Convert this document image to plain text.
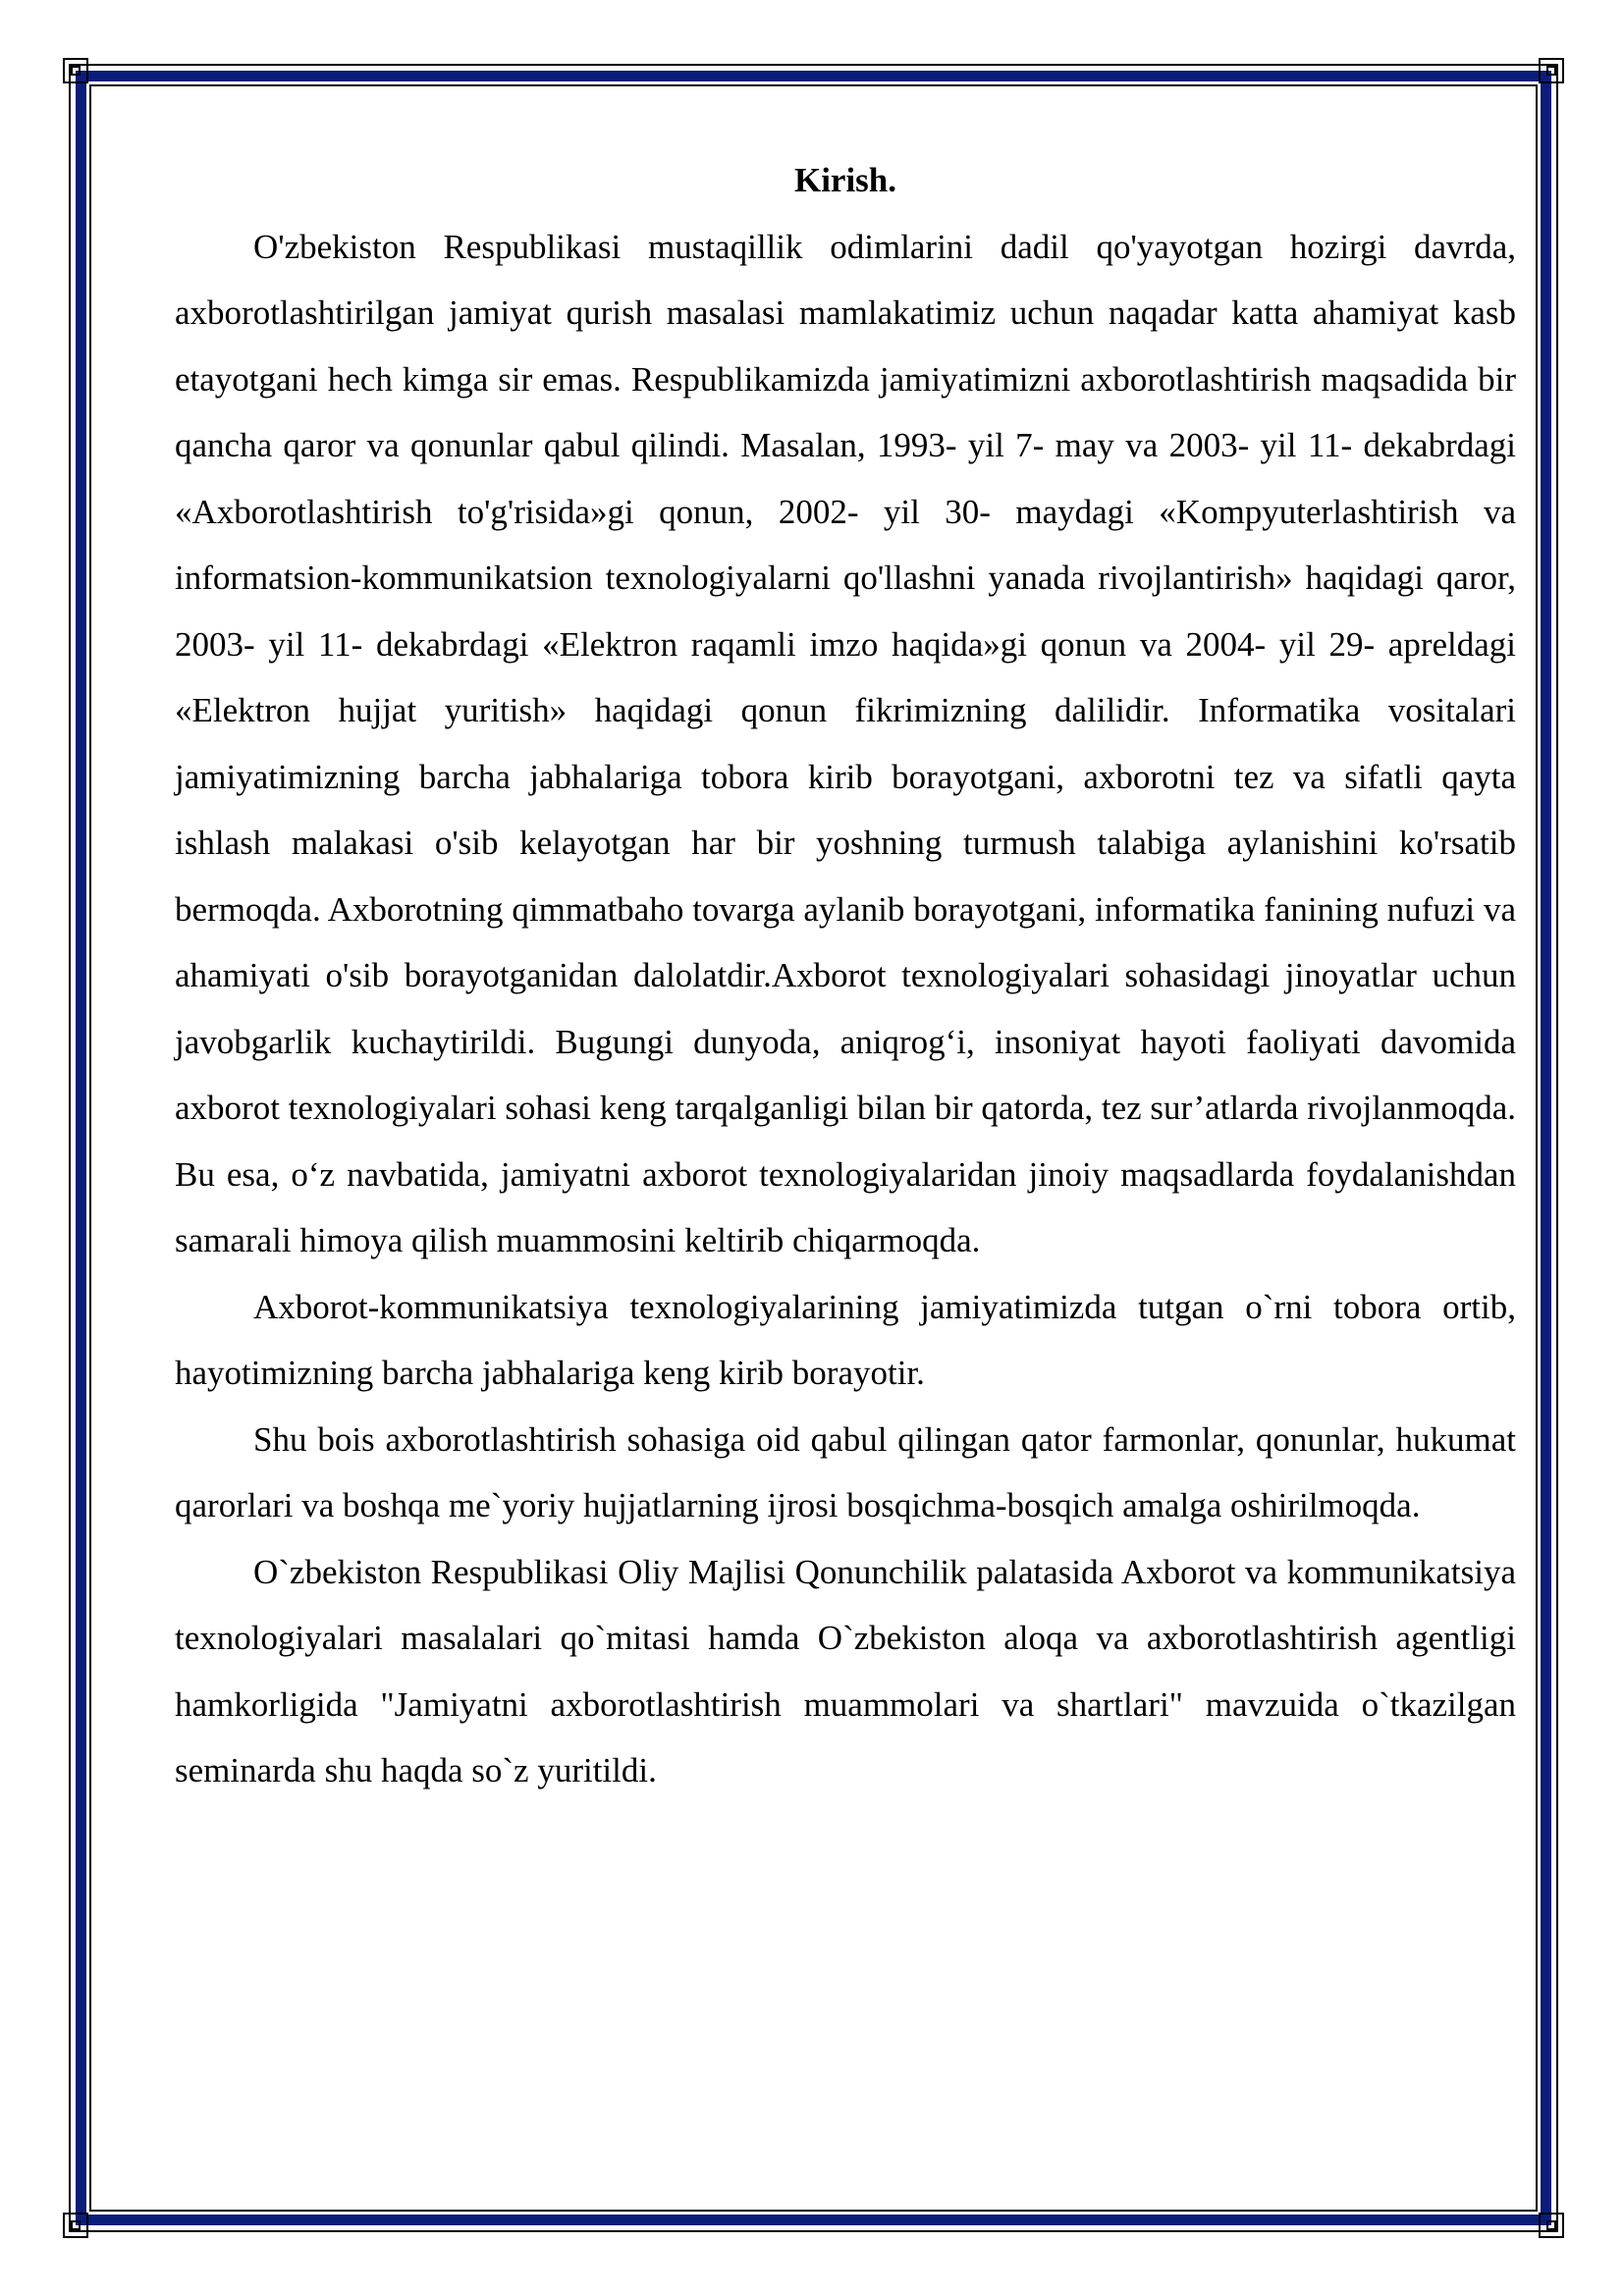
Kirish.

O'zbekiston Respublikasi mustaqillik odimlarini dadil qo'yayotgan hozirgi davrda, axborotlashtirilgan jamiyat qurish masalasi mamlakatimiz uchun naqadar katta ahamiyat kasb etayotgani hech kimga sir emas. Respublikamizda jamiyatimizni axborotlashtirish maqsadida bir qancha qaror va qonunlar qabul qilindi. Masalan, 1993- yil 7- may va 2003- yil 11- dekabrdagi «Axborotlashtirish to'g'risida»gi qonun, 2002- yil 30- maydagi «Kompyuterlashtirish va informatsion-kommunikatsion texnologiyalarni qo'llashni yanada rivojlantirish» haqidagi qaror, 2003- yil 11- dekabrdagi «Elektron raqamli imzo haqida»gi qonun va 2004- yil 29- apreldagi «Elektron hujjat yuritish» haqidagi qonun fikrimizning dalilidir. Informatika vositalari jamiyatimizning barcha jabhalariga tobora kirib borayotgani, axborotni tez va sifatli qayta ishlash malakasi o'sib kelayotgan har bir yoshning turmush talabiga aylanishini ko'rsatib bermoqda. Axborotning qimmatbaho tovarga aylanib borayotgani, informatika fanining nufuzi va ahamiyati o'sib borayotganidan dalolatdir.Axborot texnologiyalari sohasidagi jinoyatlar uchun javobgarlik kuchaytirildi. Bugungi dunyoda, aniqrog‘i, insoniyat hayoti faoliyati davomida axborot texnologiyalari sohasi keng tarqalganligi bilan bir qatorda, tez sur’atlarda rivojlanmoqda. Bu esa, o‘z navbatida, jamiyatni axborot texnologiyalaridan jinoiy maqsadlarda foydalanishdan samarali himoya qilish muammosini keltirib chiqarmoqda.

Axborot-kommunikatsiya texnologiyalarining jamiyatimizda tutgan o`rni tobora ortib, hayotimizning barcha jabhalariga keng kirib borayotir.

Shu bois axborotlashtirish sohasiga oid qabul qilingan qator farmonlar, qonunlar, hukumat qarorlari va boshqa me`yoriy hujjatlarning ijrosi bosqichma-bosqich amalga oshirilmoqda.

O`zbekiston Respublikasi Oliy Majlisi Qonunchilik palatasida Axborot va kommunikatsiya texnologiyalari masalalari qo`mitasi hamda O`zbekiston aloqa va axborotlashtirish agentligi hamkorligida "Jamiyatni axborotlashtirish muammolari va shartlari" mavzuida o`tkazilgan seminarda shu haqda so`z yuritildi.
